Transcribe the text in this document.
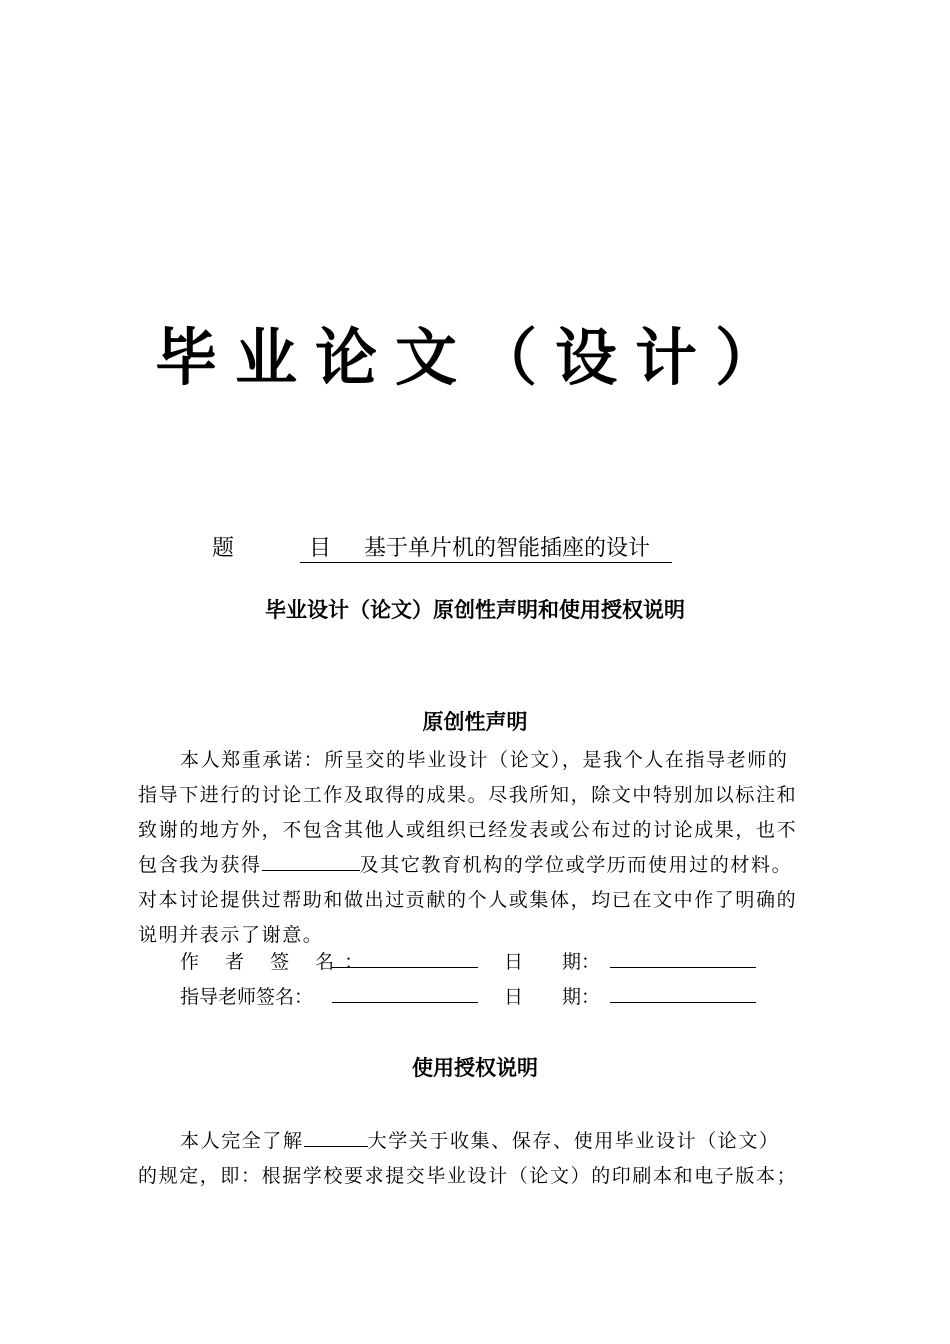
毕业论文（设计）
题 目基于单片机的智能插座的设计
毕业设计（论文）原创性声明和使用授权说明
原创性声明
本人郑重承诺：所呈交的毕业设计（论文），是我个人在指导老师的
指导下进行的讨论工作及取得的成果。尽我所知，除文中特别加以标注和
致谢的地方外，不包含其他人或组织已经发表或公布过的讨论成果，也不
包含我为获得	及其它教育机构的学位或学历而使用过的材料。
对本讨论提供过帮助和做出过贡献的个人或集体，均已在文中作了明确的
说明并表示了谢意。
作 者 签 名：	日 期：
指导老师签名：	日 期：
使用授权说明
本人完全了解	大学关于收集、保存、使用毕业设计（论文）
的规定，即：根据学校要求提交毕业设计（论文）的印刷本和电子版本；
